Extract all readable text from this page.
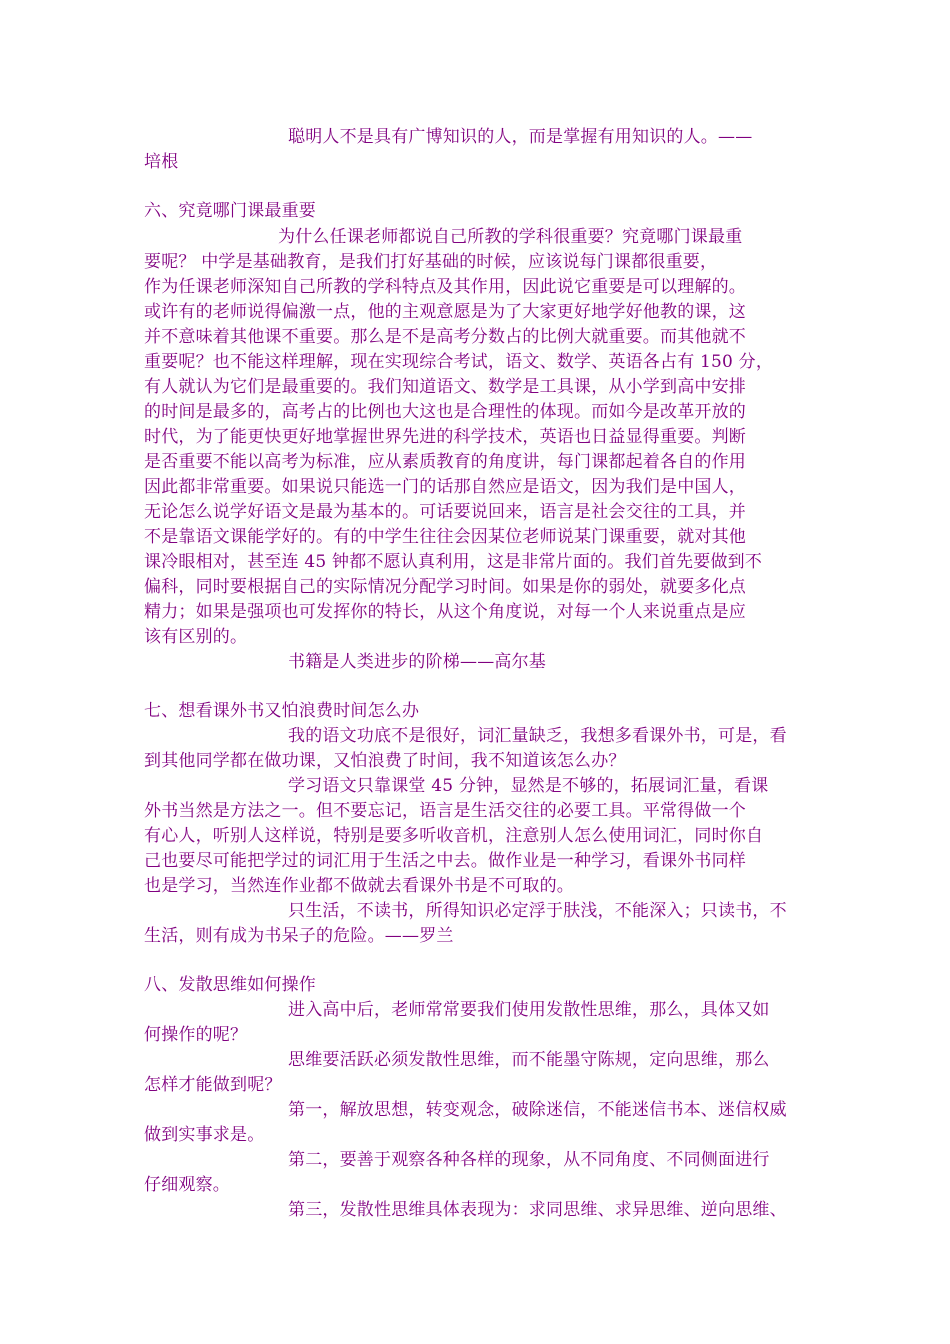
聪明人不是具有广博知识的人，而是掌握有用知识的人。——
培根
六、究竟哪门课最重要
为什么任课老师都说自己所教的学科很重要？究竟哪门课最重
要呢？ 中学是基础教育，是我们打好基础的时候，应该说每门课都很重要，
作为任课老师深知自己所教的学科特点及其作用，因此说它重要是可以理解的。
或许有的老师说得偏激一点，他的主观意愿是为了大家更好地学好他教的课，这
并不意味着其他课不重要。那么是不是高考分数占的比例大就重要。而其他就不
重要呢？也不能这样理解，现在实现综合考试，语文、数学、英语各占有 150 分，
有人就认为它们是最重要的。我们知道语文、数学是工具课，从小学到高中安排
的时间是最多的，高考占的比例也大这也是合理性的体现。而如今是改革开放的
时代，为了能更快更好地掌握世界先进的科学技术，英语也日益显得重要。判断
是否重要不能以高考为标准，应从素质教育的角度讲，每门课都起着各自的作用
因此都非常重要。如果说只能选一门的话那自然应是语文，因为我们是中国人，
无论怎么说学好语文是最为基本的。可话要说回来，语言是社会交往的工具，并
不是靠语文课能学好的。有的中学生往往会因某位老师说某门课重要，就对其他
课冷眼相对，甚至连 45 钟都不愿认真利用，这是非常片面的。我们首先要做到不
偏科，同时要根据自己的实际情况分配学习时间。如果是你的弱处，就要多化点
精力；如果是强项也可发挥你的特长，从这个角度说，对每一个人来说重点是应
该有区别的。
书籍是人类进步的阶梯——高尔基
七、想看课外书又怕浪费时间怎么办
我的语文功底不是很好，词汇量缺乏，我想多看课外书，可是，看
到其他同学都在做功课，又怕浪费了时间，我不知道该怎么办？
学习语文只靠课堂 45 分钟，显然是不够的，拓展词汇量，看课
外书当然是方法之一。但不要忘记，语言是生活交往的必要工具。平常得做一个
有心人，听别人这样说，特别是要多听收音机，注意别人怎么使用词汇，同时你自
己也要尽可能把学过的词汇用于生活之中去。做作业是一种学习，看课外书同样
也是学习，当然连作业都不做就去看课外书是不可取的。
只生活，不读书，所得知识必定浮于肤浅，不能深入；只读书，不
生活，则有成为书呆子的危险。——罗兰
八、发散思维如何操作
进入高中后，老师常常要我们使用发散性思维，那么，具体又如
何操作的呢？
思维要活跃必须发散性思维，而不能墨守陈规，定向思维，那么
怎样才能做到呢？
第一，解放思想，转变观念，破除迷信，不能迷信书本、迷信权威
做到实事求是。
第二，要善于观察各种各样的现象，从不同角度、不同侧面进行
仔细观察。
第三，发散性思维具体表现为：求同思维、求异思维、逆向思维、
